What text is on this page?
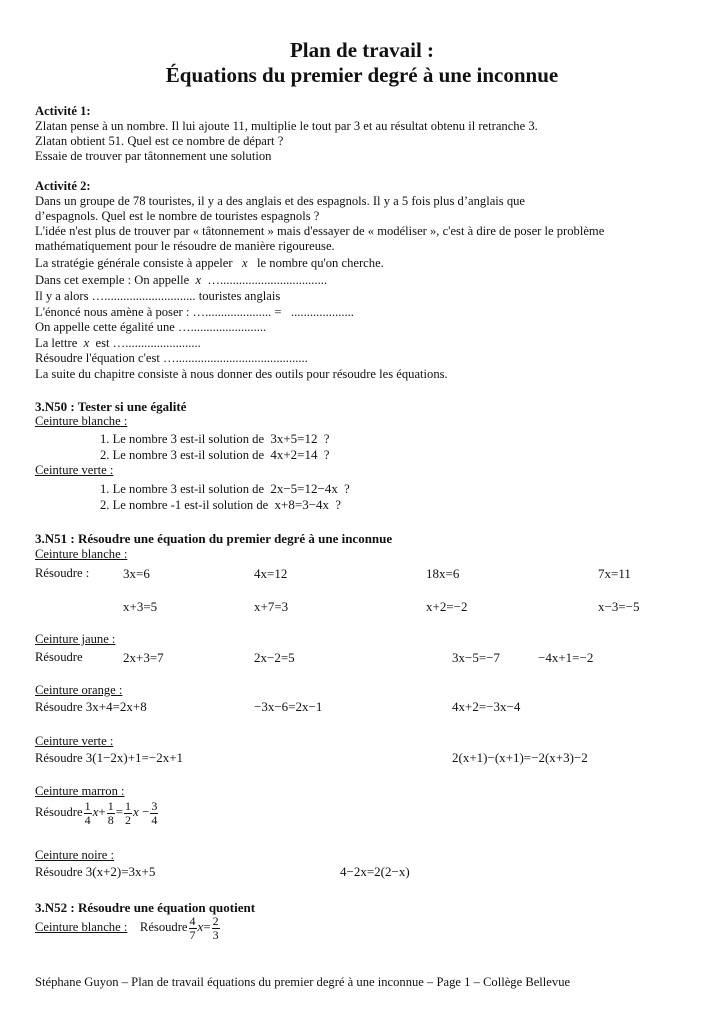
Plan de travail :
Équations du premier degré à une inconnue
Activité 1:
Zlatan pense à un nombre. Il lui ajoute 11, multiplie le tout par 3 et au résultat obtenu il retranche 3.
Zlatan obtient 51. Quel est ce nombre de départ ?
Essaie de trouver par tâtonnement une solution
Activité 2:
Dans un groupe de 78 touristes, il y a des anglais et des espagnols. Il y a 5 fois plus d’anglais que
d’espagnols. Quel est le nombre de touristes espagnols ?
L'idée n'est plus de trouver par « tâtonnement » mais d'essayer de « modéliser », c'est à dire de poser le problème
mathématiquement pour le résoudre de manière rigoureuse.
La stratégie générale consiste à appeler x le nombre qu'on cherche.
Dans cet exemple : On appelle x …..................................
Il y a alors …............................. touristes anglais
L'énoncé nous amène à poser : …..................... = ....................
On appelle cette égalité une …........................
La lettre x est …........................
Résoudre l'équation c'est …..........................................
La suite du chapitre consiste à nous donner des outils pour résoudre les équations.
3.N50 : Tester si une égalité
Ceinture blanche :
1. Le nombre 3 est-il solution de 3x+5=12 ?
2. Le nombre 3 est-il solution de 4x+2=14 ?
Ceinture verte :
1. Le nombre 3 est-il solution de 2x−5=12−4x ?
2. Le nombre -1 est-il solution de x+8=3−4x ?
3.N51 : Résoudre une équation du premier degré à une inconnue
Ceinture blanche :
Résoudre :	3x=6	4x=12	18x=6	7x=11
x+3=5	x+7=3	x+2=−2	x−3=−5
Ceinture jaune :
Résoudre	2x+3=7	2x−2=5	3x−5=−7	−4x+1=−2
Ceinture orange :
Résoudre 3x+4=2x+8	−3x−6=2x−1	4x+2=−3x−4
Ceinture verte :
Résoudre 3(1−2x)+1=−2x+1	2(x+1)−(x+1)=−2(x+3)−2
Ceinture marron :
Résoudre $\frac{1}{4} x+ \frac{1}{8} = \frac{1}{2}$ $x - \frac{3}{4}$
Ceinture noire :
Résoudre 3(x+2)=3x+5	4−2x=2(2−x)
3.N52 : Résoudre une équation quotient
Ceinture blanche : Résoudre $\frac{4}{7} x= \frac{2}{3}$
Stéphane Guyon – Plan de travail équations du premier degré à une inconnue – Page 1 – Collège Bellevue
